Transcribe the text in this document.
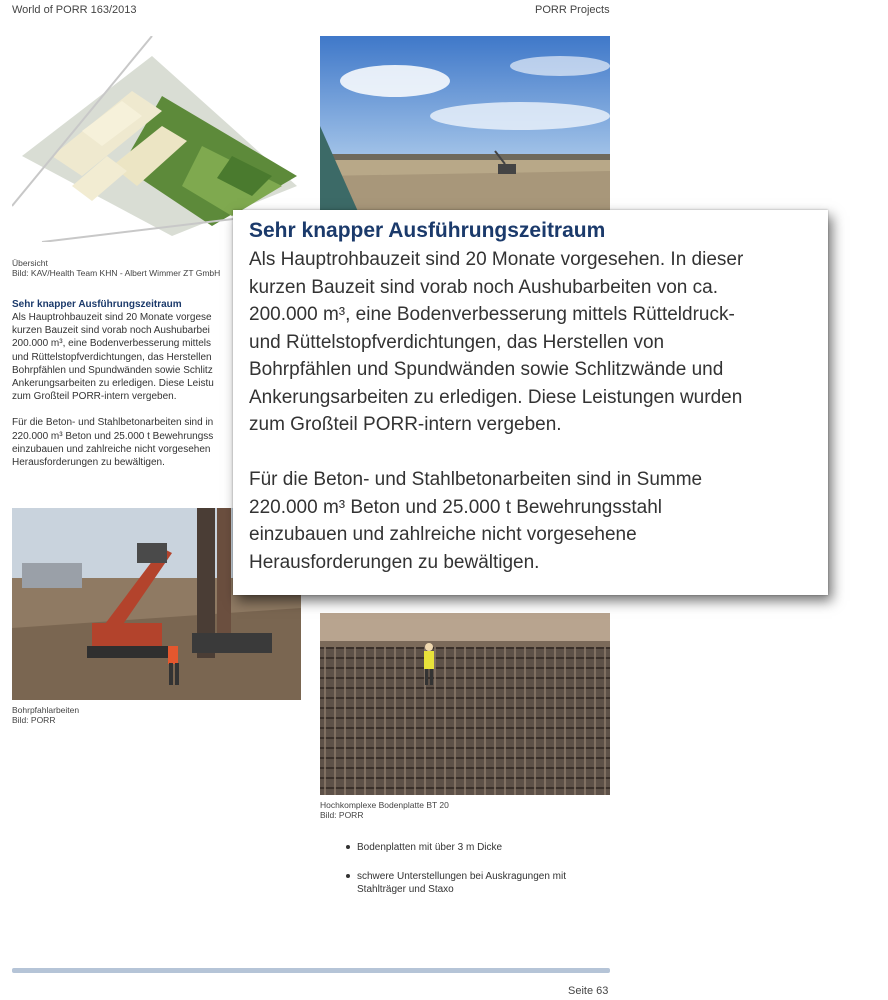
World of PORR 163/2013	PORR Projects
Übersicht
Bild: KAV/Health Team KHN - Albert Wimmer ZT GmbH
Sehr knapper Ausführungszeitraum

Als Hauptrohbauzeit sind 20 Monate vorgese

kurzen Bauzeit sind vorab noch Aushubarbei

200.000 m³, eine Bodenverbesserung mittels

und Rüttelstopfverdichtungen, das Herstellen

Bohrpfählen und Spundwänden sowie Schlitz

Ankerungsarbeiten zu erledigen. Diese Leistu

zum Großteil PORR-intern vergeben.

Für die Beton- und Stahlbetonarbeiten sind in

220.000 m³ Beton und 25.000 t Bewehrungss

einzubauen und zahlreiche nicht vorgesehen

Herausforderungen zu bewältigen.

Bohrpfahlarbeiten
Bild: PORR
Hochkomplexe Bodenplatte BT 20
Bild: PORR
Bodenplatten mit über 3 m Dicke
schwere Unterstellungen bei Auskragungen mit
Stahlträger und Staxo
Seite 63
Sehr knapper Ausführungszeitraum

Als Hauptrohbauzeit sind 20 Monate vorgesehen. In dieser

kurzen Bauzeit sind vorab noch Aushubarbeiten von ca.

200.000 m³, eine Bodenverbesserung mittels Rütteldruck-

und Rüttelstopfverdichtungen, das Herstellen von

Bohrpfählen und Spundwänden sowie Schlitzwände und

Ankerungsarbeiten zu erledigen. Diese Leistungen wurden

zum Großteil PORR-intern vergeben.

Für die Beton- und Stahlbetonarbeiten sind in Summe

220.000 m³ Beton und 25.000 t Bewehrungsstahl

einzubauen und zahlreiche nicht vorgesehene

Herausforderungen zu bewältigen.
